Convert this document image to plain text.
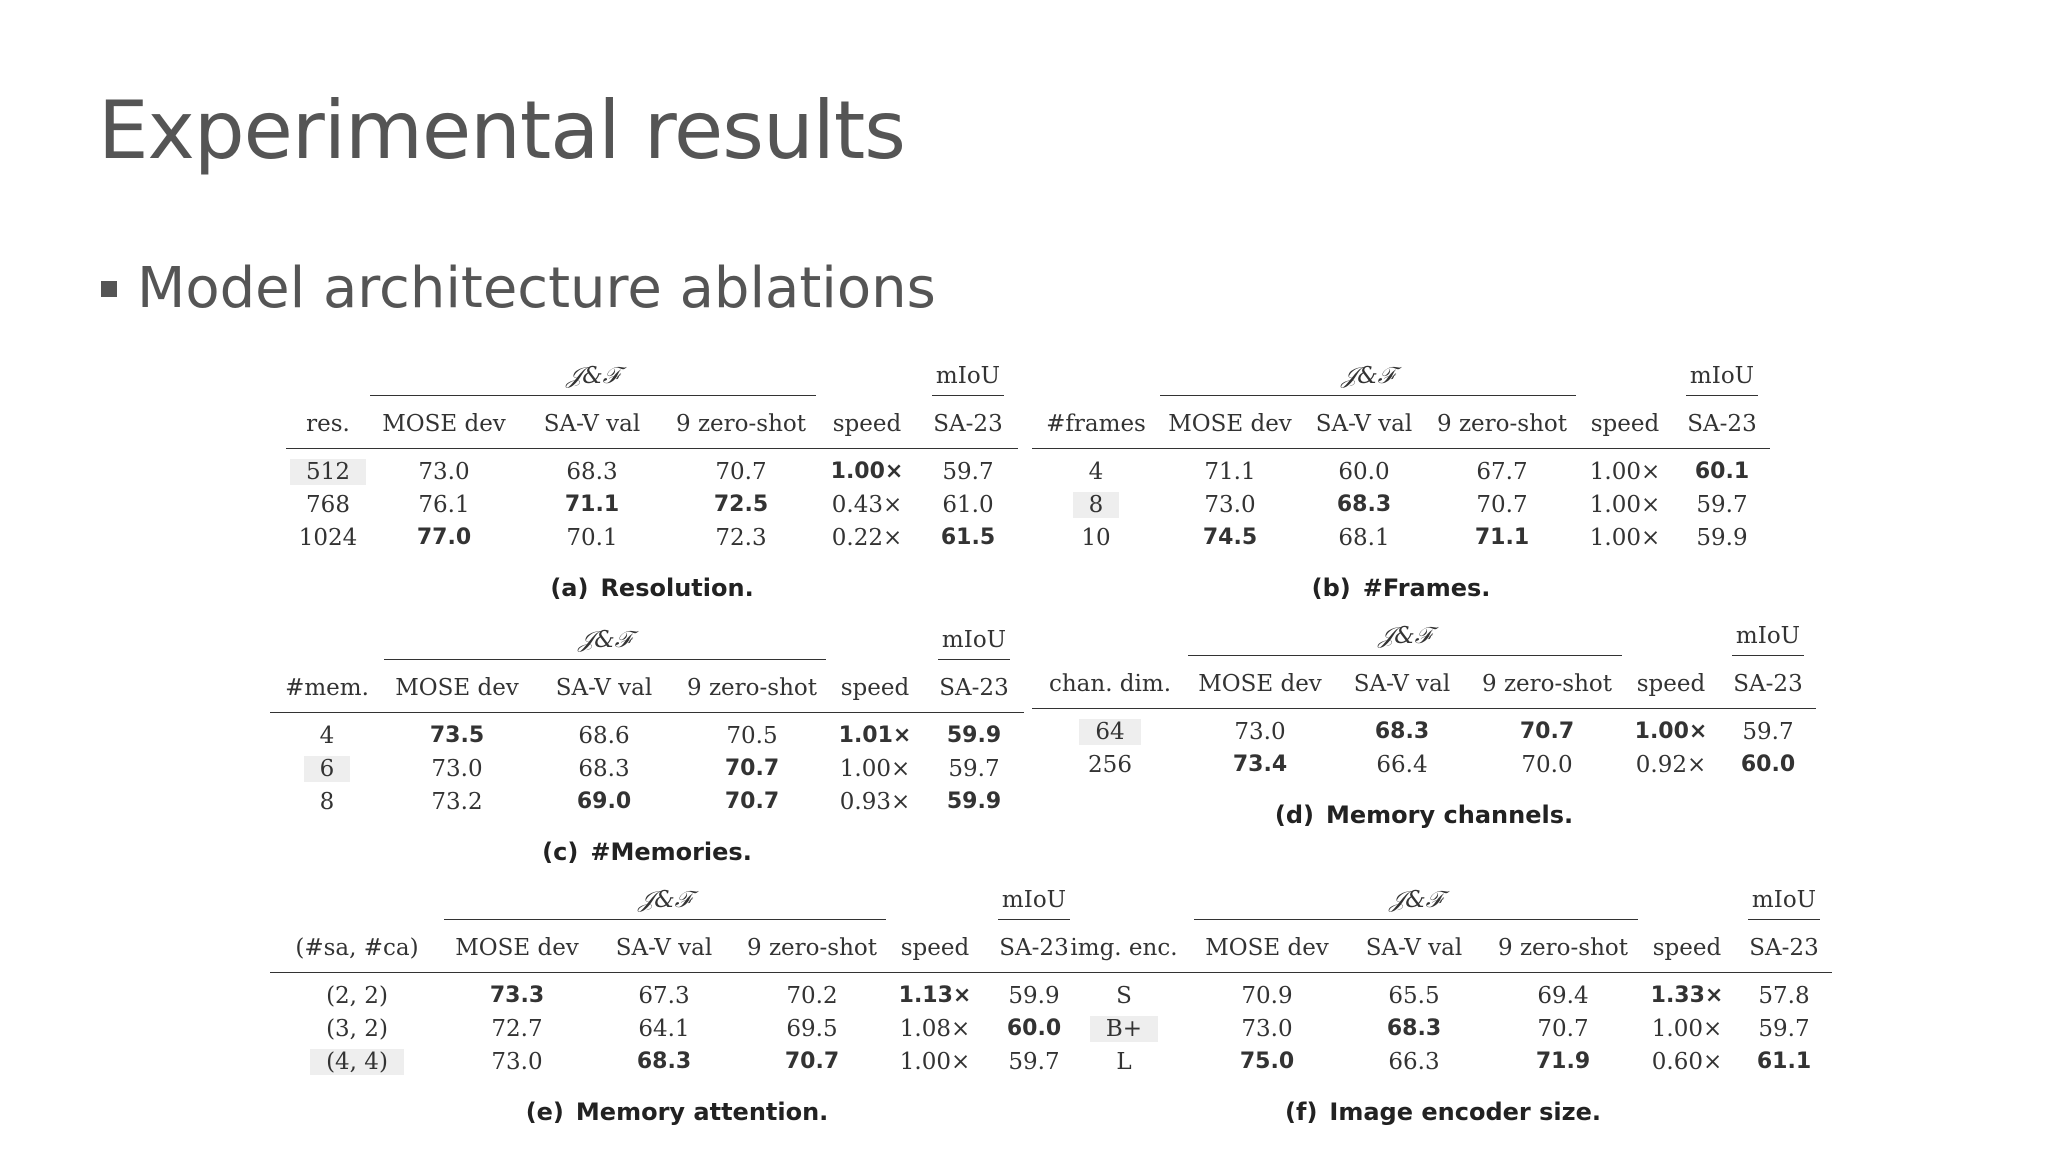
Experimental results
Model architecture ablations

	𝒥&ℱ				mIoU
res.	MOSE dev	SA-V val	9 zero-shot	speed	SA-23
512	73.0	68.3	70.7	1.00×	59.7
768	76.1	71.1	72.5	0.43×	61.0
1024	77.0	70.1	72.3	0.22×	61.5
(a) Resolution.

	𝒥&ℱ				mIoU
#frames	MOSE dev	SA-V val	9 zero-shot	speed	SA-23
4	71.1	60.0	67.7	1.00×	60.1
8	73.0	68.3	70.7	1.00×	59.7
10	74.5	68.1	71.1	1.00×	59.9
(b) #Frames.

	𝒥&ℱ				mIoU
#mem.	MOSE dev	SA-V val	9 zero-shot	speed	SA-23
4	73.5	68.6	70.5	1.01×	59.9
6	73.0	68.3	70.7	1.00×	59.7
8	73.2	69.0	70.7	0.93×	59.9
(c) #Memories.

	𝒥&ℱ				mIoU
chan. dim.	MOSE dev	SA-V val	9 zero-shot	speed	SA-23
64	73.0	68.3	70.7	1.00×	59.7
256	73.4	66.4	70.0	0.92×	60.0
(d) Memory channels.

	𝒥&ℱ				mIoU
(#sa, #ca)	MOSE dev	SA-V val	9 zero-shot	speed	SA-23
(2, 2)	73.3	67.3	70.2	1.13×	59.9
(3, 2)	72.7	64.1	69.5	1.08×	60.0
(4, 4)	73.0	68.3	70.7	1.00×	59.7
(e) Memory attention.

	𝒥&ℱ				mIoU
img. enc.	MOSE dev	SA-V val	9 zero-shot	speed	SA-23
S	70.9	65.5	69.4	1.33×	57.8
B+	73.0	68.3	70.7	1.00×	59.7
L	75.0	66.3	71.9	0.60×	61.1
(f) Image encoder size.
